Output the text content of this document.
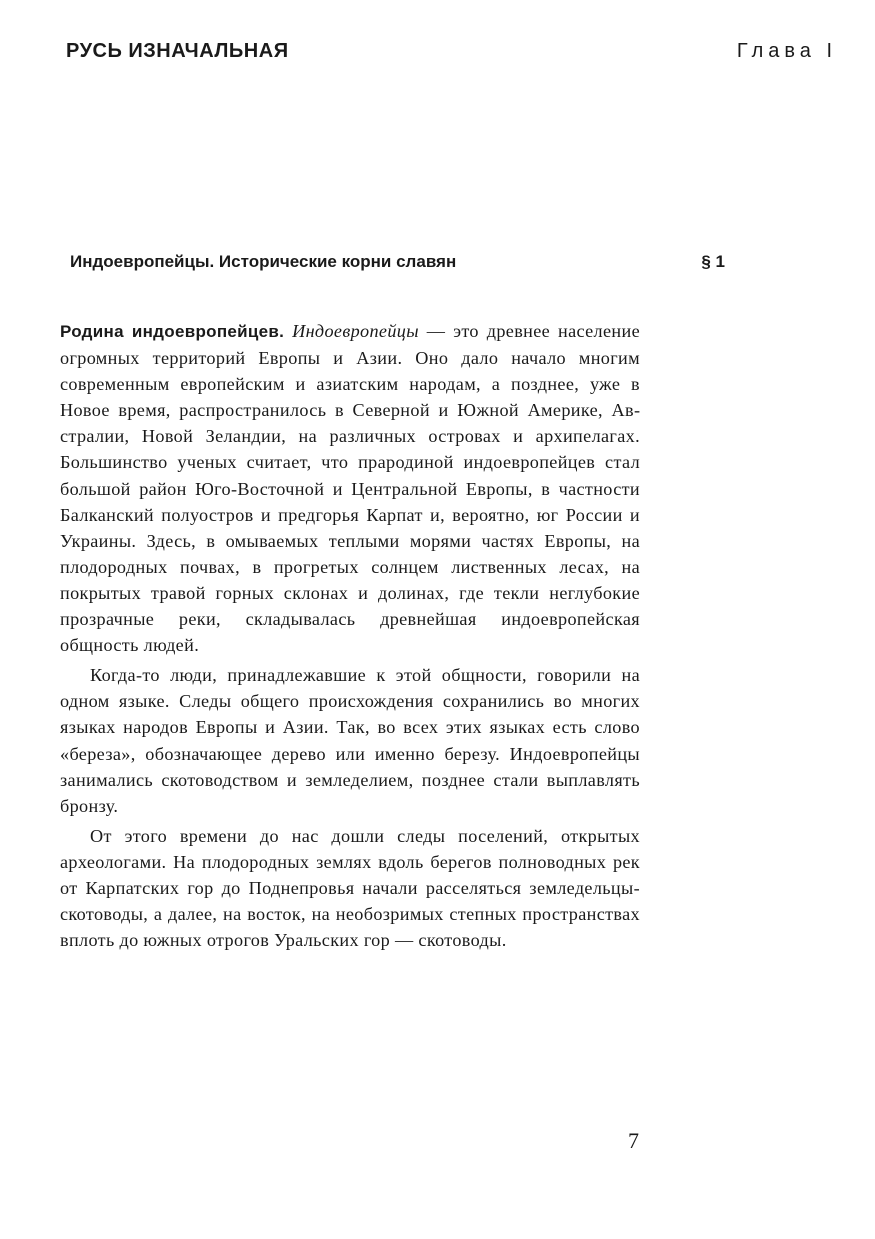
РУСЬ ИЗНАЧАЛЬНАЯ	Глава I
Индоевропейцы. Исторические корни славян	§ 1

Родина индоевропейцев. Индоевропейцы — это древнее население огромных территорий Европы и Азии. Оно дало начало многим современным европейским и азиатским народам, а позднее, уже в Новое время, распространилось в Северной и Южной Америке, Австралии, Новой Зеландии, на различных островах и архипелагах. Большинство ученых считает, что прародиной индоевропейцев стал большой район Юго-Восточной и Центральной Европы, в частности Балканский полуостров и предгорья Карпат и, вероятно, юг России и Украины. Здесь, в омываемых теплыми морями частях Европы, на плодородных почвах, в прогретых солнцем лиственных лесах, на покрытых травой горных склонах и долинах, где текли неглубокие прозрачные реки, складывалась древнейшая индоевропейская общность людей.

Когда-то люди, принадлежавшие к этой общности, говорили на одном языке. Следы общего происхождения сохранились во многих языках народов Европы и Азии. Так, во всех этих языках есть слово «береза», обозначающее дерево или именно березу. Индоевропейцы занимались скотоводством и земледелием, позднее стали выплавлять бронзу.

От этого времени до нас дошли следы поселений, открытых археологами. На плодородных землях вдоль берегов полноводных рек от Карпатских гор до Поднепровья начали расселяться земледельцы-скотоводы, а далее, на восток, на необозримых степных пространствах вплоть до южных отрогов Уральских гор — скотоводы.

7
